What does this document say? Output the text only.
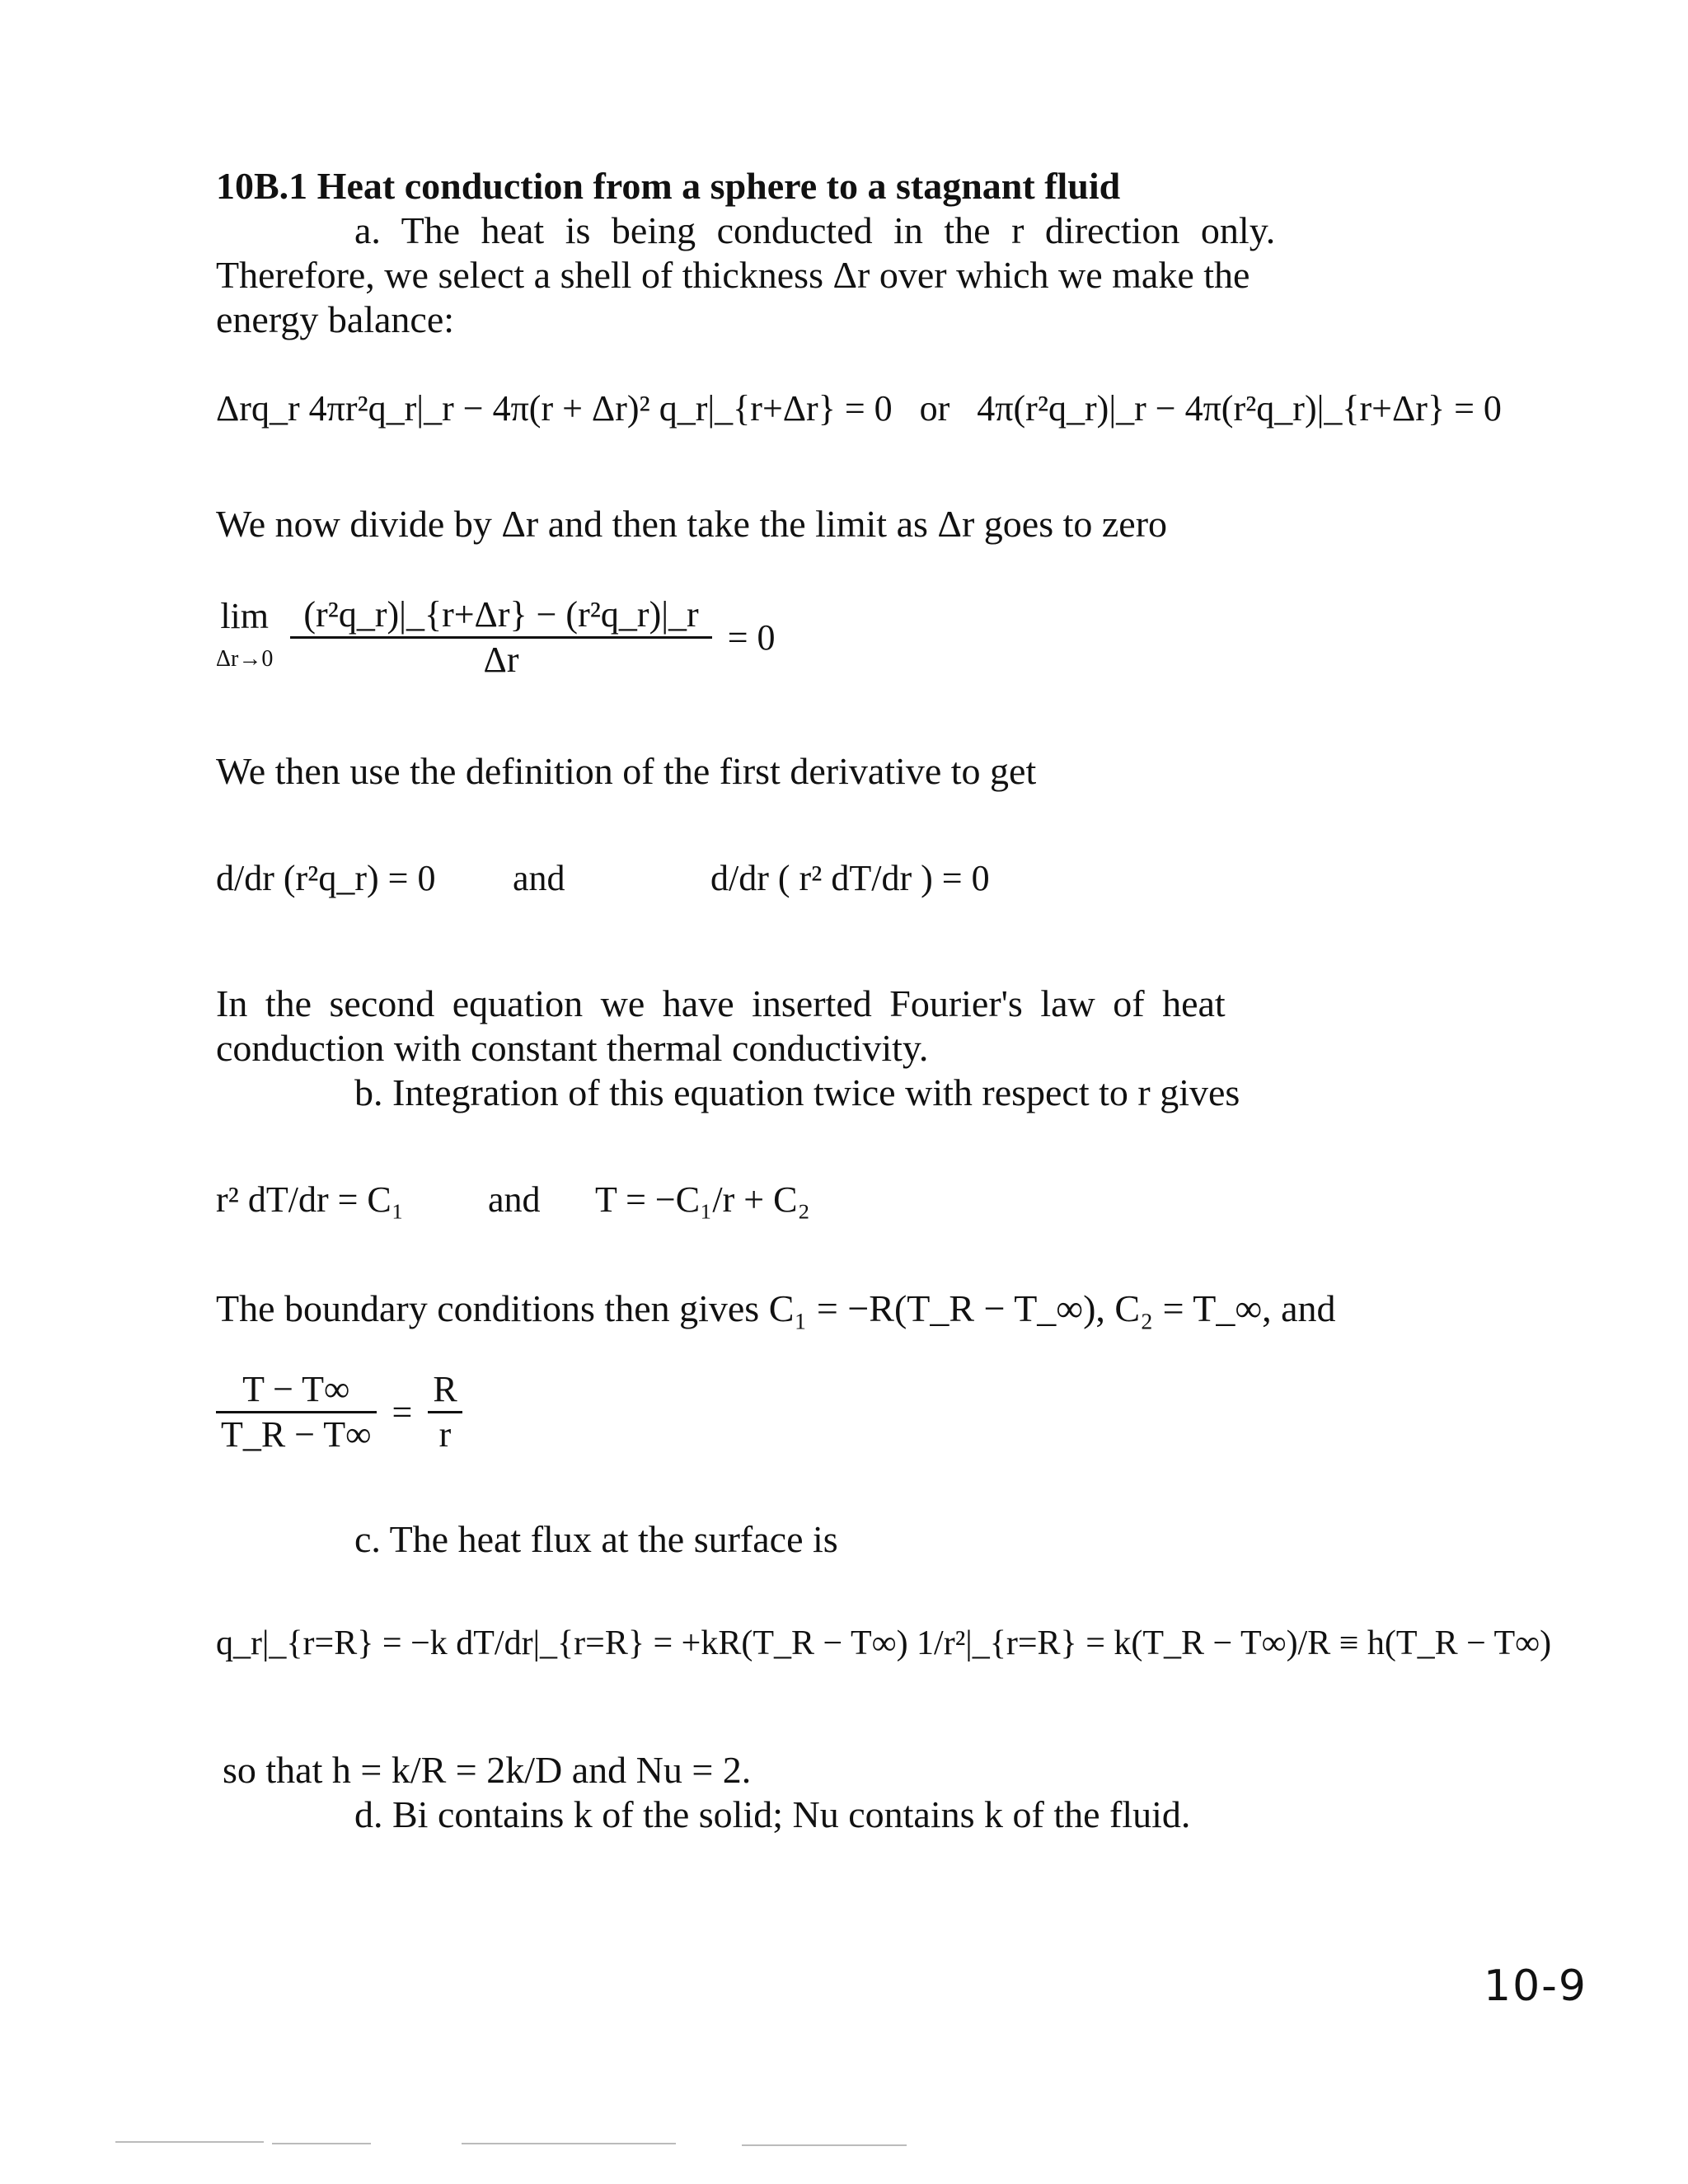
10B.1 Heat conduction from a sphere to a stagnant fluid
a. The heat is being conducted in the r direction only.
Therefore, we select a shell of thickness Δr over which we make the
energy balance:
Δrq_r 4πr²q_r|_r − 4π(r + Δr)² q_r|_{r+Δr} = 0 or 4π(r²q_r)|_r − 4π(r²q_r)|_{r+Δr} = 0
We now divide by Δr and then take the limit as Δr goes to zero
lim
Δr→0
$\frac{\text{(r²q\_r)|\_\{r+Δr\} − (r²q\_r)|\_r}}{\Delta r} = 0$
We then use the definition of the first derivative to get
d/dr (r²q_r) = 0 and	d/dr ( r² dT/dr ) = 0
In the second equation we have inserted Fourier's law of heat
conduction with constant thermal conductivity.
b. Integration of this equation twice with respect to r gives
r² dT/dr = C₁ and T = −C₁/r + C₂
The boundary conditions then gives C₁ = −R(T_R − T_∞), C₂ = T_∞, and
$\frac{T - T\infty}{T\_R - T\infty} = \frac{R}{r}$
c. The heat flux at the surface is
q_r|_{r=R} = −k dT/dr|_{r=R} = +kR(T_R − T∞) 1/r²|_{r=R} = k(T_R − T∞)/R ≡ h(T_R − T∞)
so that h = k/R = 2k/D and Nu = 2.
d. Bi contains k of the solid; Nu contains k of the fluid.
10-9
